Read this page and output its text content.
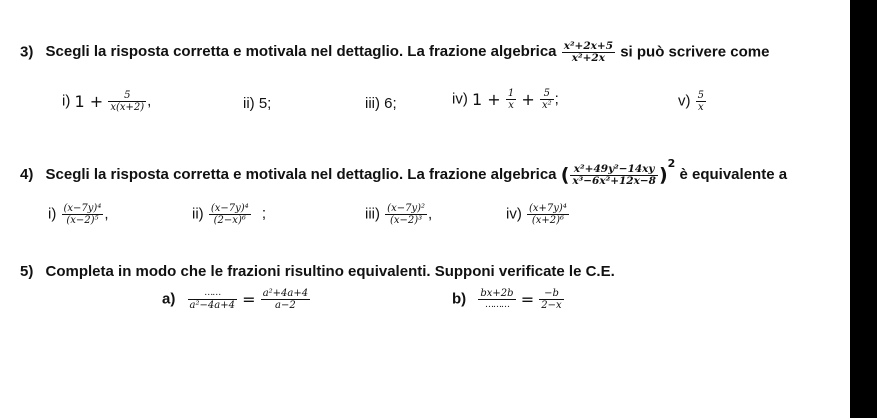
3) Scegli la risposta corretta e motivala nel dettaglio. La frazione algebrica $\frac{\text{x²+2x+5}}{\text{x²+2x}}$ si può scrivere come
i) $1 + \frac{5}{x(x+2)}$ ,	ii) 5;	iii) 6;	iv) $1 + \frac{1}{x} + \frac{5}{\text{x²}}$ ;	$v) \frac{5}{x}$
4) Scegli la risposta corretta e motivala nel dettaglio. La frazione algebrica ( $\frac{\text{x²+49y²−14xy}}{\text{x³−6x²+12x−8}} )^2$ è equivalente a
$i) \frac{\text{(x−7y)⁴}}{\text{(x−2)⁵}}$ ,	$ii) \frac{\text{(x−7y)⁴}}{\text{(2−x)⁶}}$ ;	$iii) \frac{\text{(x−7y)²}}{\text{(x−2)³}}$ ,	$iv) \frac{\text{(x+7y)⁴}}{\text{(x+2)⁶}}$
5) Completa in modo che le frazioni risultino equivalenti. Supponi verificate le C.E.
$a) \frac{\dots\dots}{\text{a²−4a+4}} = \frac{\text{a²+4a+4}}{a-2}$	$b) \frac{bx+2b}{\dots\dots\dots} = \frac{-b}{2-x}$
